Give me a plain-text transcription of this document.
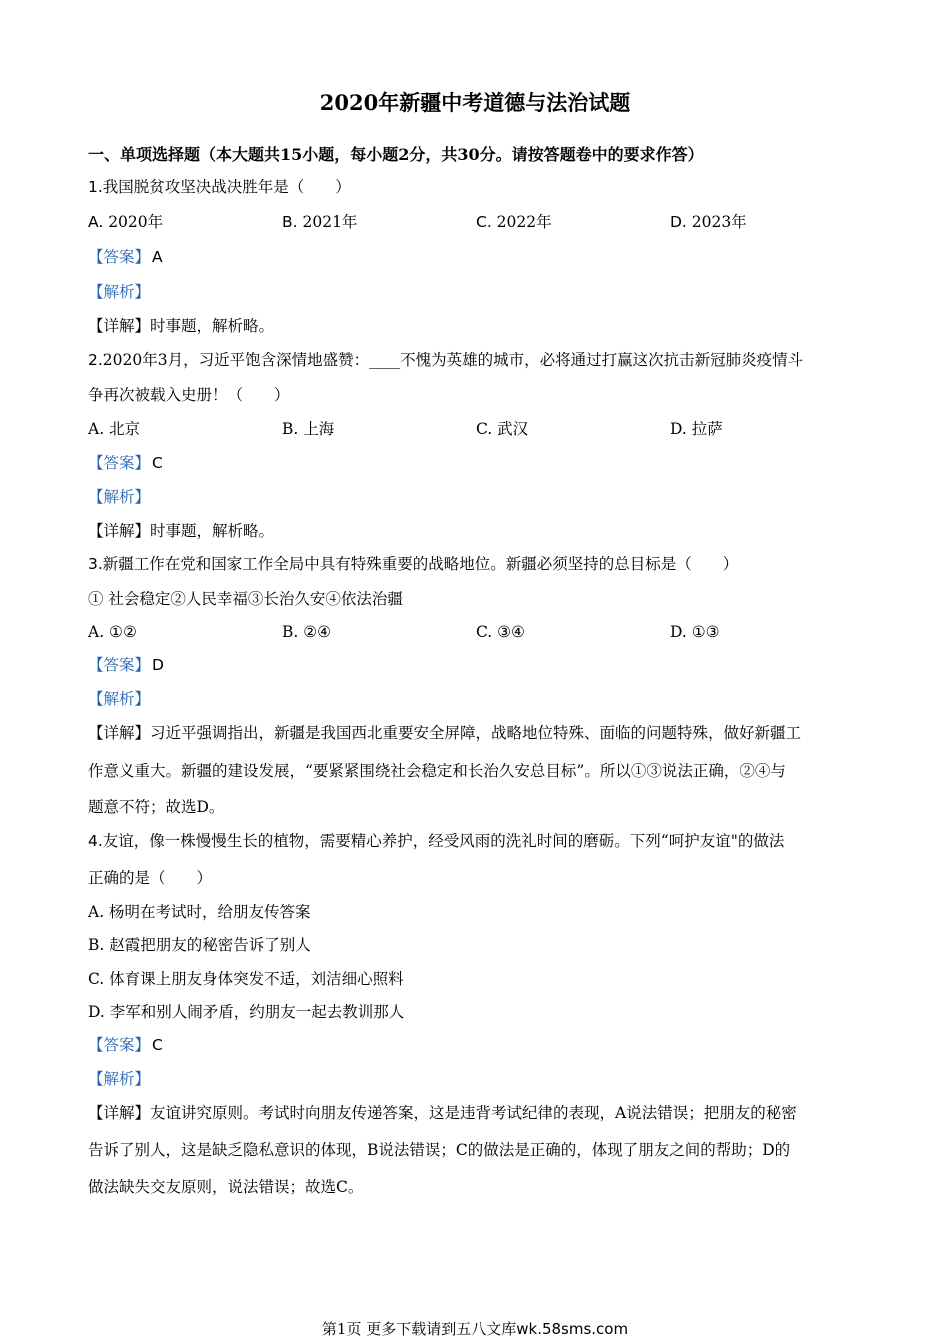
2020年新疆中考道德与法治试题
一、单项选择题（本大题共15小题，每小题2分，共30分。请按答题卷中的要求作答）
1.我国脱贫攻坚决战决胜年是（　　）
A. 2020年	B. 2021年	C. 2022年	D. 2023年
【答案】 A
【解析】
【详解】时事题，解析略。
2.2020年3月，习近平饱含深情地盛赞：____不愧为英雄的城市，必将通过打赢这次抗击新冠肺炎疫情斗
争再次被载入史册！（　　）
A. 北京	B. 上海	C. 武汉	D. 拉萨
【答案】 C
【解析】
【详解】时事题，解析略。
3.新疆工作在党和国家工作全局中具有特殊重要的战略地位。新疆必须坚持的总目标是（　　）
① 社会稳定②人民幸福③长治久安④依法治疆
A. ①②	B. ②④	C. ③④	D. ①③
【答案】 D
【解析】
【详解】习近平强调指出，新疆是我国西北重要安全屏障，战略地位特殊、面临的问题特殊，做好新疆工
作意义重大。新疆的建设发展，“要紧紧围绕社会稳定和长治久安总目标”。所以①③说法正确，②④与
题意不符；故选D。
4.友谊，像一株慢慢生长的植物，需要精心养护，经受风雨的洗礼时间的磨砺。下列“呵护友谊"的做法
正确的是（　　）
A. 杨明在考试时，给朋友传答案
B. 赵霞把朋友的秘密告诉了别人
C. 体育课上朋友身体突发不适，刘洁细心照料
D. 李军和别人闹矛盾，约朋友一起去教训那人
【答案】 C
【解析】
【详解】友谊讲究原则。考试时向朋友传递答案，这是违背考试纪律的表现，A说法错误；把朋友的秘密
告诉了别人，这是缺乏隐私意识的体现，B说法错误；C的做法是正确的，体现了朋友之间的帮助；D的
做法缺失交友原则，说法错误；故选C。
第1页 更多下载请到五八文库wk.58sms.com
